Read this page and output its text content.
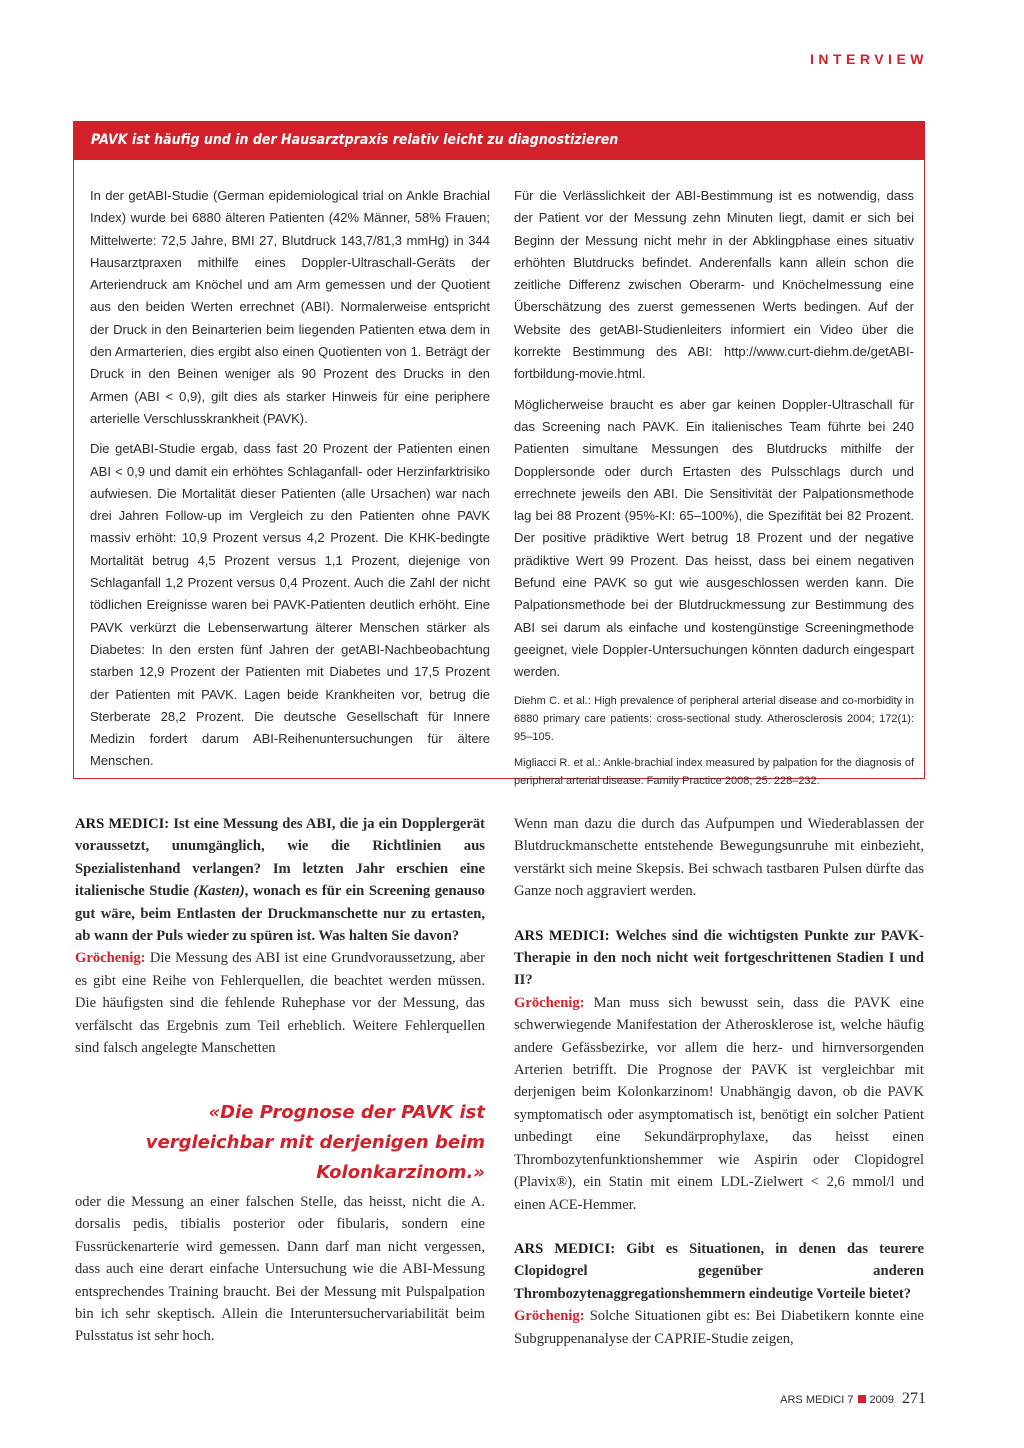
INTERVIEW
PAVK ist häufig und in der Hausarztpraxis relativ leicht zu diagnostizieren

In der getABI-Studie (German epidemiological trial on Ankle Brachial Index) wurde bei 6880 älteren Patienten (42% Männer, 58% Frauen; Mittelwerte: 72,5 Jahre, BMI 27, Blutdruck 143,7/81,3 mmHg) in 344 Hausarztpraxen mithilfe eines Doppler-Ultraschall-Geräts der Arteriendruck am Knöchel und am Arm gemessen und der Quotient aus den beiden Werten errechnet (ABI). Normalerweise entspricht der Druck in den Beinarterien beim liegenden Patienten etwa dem in den Armarterien, dies ergibt also einen Quotienten von 1. Beträgt der Druck in den Beinen weniger als 90 Prozent des Drucks in den Armen (ABI < 0,9), gilt dies als starker Hinweis für eine periphere arterielle Verschlusskrankheit (PAVK).

Die getABI-Studie ergab, dass fast 20 Prozent der Patienten einen ABI < 0,9 und damit ein erhöhtes Schlaganfall- oder Herzinfarktrisiko aufwiesen. Die Mortalität dieser Patienten (alle Ursachen) war nach drei Jahren Follow-up im Vergleich zu den Patienten ohne PAVK massiv erhöht: 10,9 Prozent versus 4,2 Prozent. Die KHK-bedingte Mortalität betrug 4,5 Prozent versus 1,1 Prozent, diejenige von Schlaganfall 1,2 Prozent versus 0,4 Prozent. Auch die Zahl der nicht tödlichen Ereignisse waren bei PAVK-Patienten deutlich erhöht. Eine PAVK verkürzt die Lebenserwartung älterer Menschen stärker als Diabetes: In den ersten fünf Jahren der getABI-Nachbeobachtung starben 12,9 Prozent der Patienten mit Diabetes und 17,5 Prozent der Patienten mit PAVK. Lagen beide Krankheiten vor, betrug die Sterberate 28,2 Prozent. Die deutsche Gesellschaft für Innere Medizin fordert darum ABI-Reihenuntersuchungen für ältere Menschen.

Für die Verlässlichkeit der ABI-Bestimmung ist es notwendig, dass der Patient vor der Messung zehn Minuten liegt, damit er sich bei Beginn der Messung nicht mehr in der Abklingphase eines situativ erhöhten Blutdrucks befindet. Anderenfalls kann allein schon die zeitliche Differenz zwischen Oberarm- und Knöchelmessung eine Überschätzung des zuerst gemessenen Werts bedingen. Auf der Website des getABI-Studienleiters informiert ein Video über die korrekte Bestimmung des ABI: http://www.curt-diehm.de/getABI-fortbildung-movie.html.

Möglicherweise braucht es aber gar keinen Doppler-Ultraschall für das Screening nach PAVK. Ein italienisches Team führte bei 240 Patienten simultane Messungen des Blutdrucks mithilfe der Dopplersonde oder durch Ertasten des Pulsschlags durch und errechnete jeweils den ABI. Die Sensitivität der Palpationsmethode lag bei 88 Prozent (95%-KI: 65–100%), die Spezifität bei 82 Prozent. Der positive prädiktive Wert betrug 18 Prozent und der negative prädiktive Wert 99 Prozent. Das heisst, dass bei einem negativen Befund eine PAVK so gut wie ausgeschlossen werden kann. Die Palpationsmethode bei der Blutdruckmessung zur Bestimmung des ABI sei darum als einfache und kostengünstige Screeningmethode geeignet, viele Doppler-Untersuchungen könnten dadurch eingespart werden.

Diehm C. et al.: High prevalence of peripheral arterial disease and co-morbidity in 6880 primary care patients: cross-sectional study. Atherosclerosis 2004; 172(1): 95–105.

Migliacci R. et al.: Ankle-brachial index measured by palpation for the diagnosis of peripheral arterial disease. Family Practice 2008; 25: 228–232.

ARS MEDICI: Ist eine Messung des ABI, die ja ein Dopplergerät voraussetzt, unumgänglich, wie die Richtlinien aus Spezialistenhand verlangen? Im letzten Jahr erschien eine italienische Studie (Kasten), wonach es für ein Screening genauso gut wäre, beim Entlasten der Druckmanschette nur zu ertasten, ab wann der Puls wieder zu spüren ist. Was halten Sie davon?

Gröchenig: Die Messung des ABI ist eine Grundvoraussetzung, aber es gibt eine Reihe von Fehlerquellen, die beachtet werden müssen. Die häufigsten sind die fehlende Ruhephase vor der Messung, das verfälscht das Ergebnis zum Teil erheblich. Weitere Fehlerquellen sind falsch angelegte Manschetten

«Die Prognose der PAVK ist vergleichbar mit derjenigen beim Kolonkarzinom.»

oder die Messung an einer falschen Stelle, das heisst, nicht die A. dorsalis pedis, tibialis posterior oder fibularis, sondern eine Fussrückenarterie wird gemessen. Dann darf man nicht vergessen, dass auch eine derart einfache Untersuchung wie die ABI-Messung entsprechendes Training braucht. Bei der Messung mit Pulspalpation bin ich sehr skeptisch. Allein die Interuntersuchervariabilität beim Pulsstatus ist sehr hoch.

Wenn man dazu die durch das Aufpumpen und Wiederablassen der Blutdruckmanschette entstehende Bewegungsunruhe mit einbezieht, verstärkt sich meine Skepsis. Bei schwach tastbaren Pulsen dürfte das Ganze noch aggraviert werden.

ARS MEDICI: Welches sind die wichtigsten Punkte zur PAVK-Therapie in den noch nicht weit fortgeschrittenen Stadien I und II?

Gröchenig: Man muss sich bewusst sein, dass die PAVK eine schwerwiegende Manifestation der Atherosklerose ist, welche häufig andere Gefässbezirke, vor allem die herz- und hirnversorgenden Arterien betrifft. Die Prognose der PAVK ist vergleichbar mit derjenigen beim Kolonkarzinom! Unabhängig davon, ob die PAVK symptomatisch oder asymptomatisch ist, benötigt ein solcher Patient unbedingt eine Sekundärprophylaxe, das heisst einen Thrombozytenfunktionshemmer wie Aspirin oder Clopidogrel (Plavix®), ein Statin mit einem LDL-Zielwert < 2,6 mmol/l und einen ACE-Hemmer.

ARS MEDICI: Gibt es Situationen, in denen das teurere Clopidogrel gegenüber anderen Thrombozytenaggregationshemmern eindeutige Vorteile bietet?

Gröchenig: Solche Situationen gibt es: Bei Diabetikern konnte eine Subgruppenanalyse der CAPRIE-Studie zeigen,

ARS MEDICI 7 2009 271
